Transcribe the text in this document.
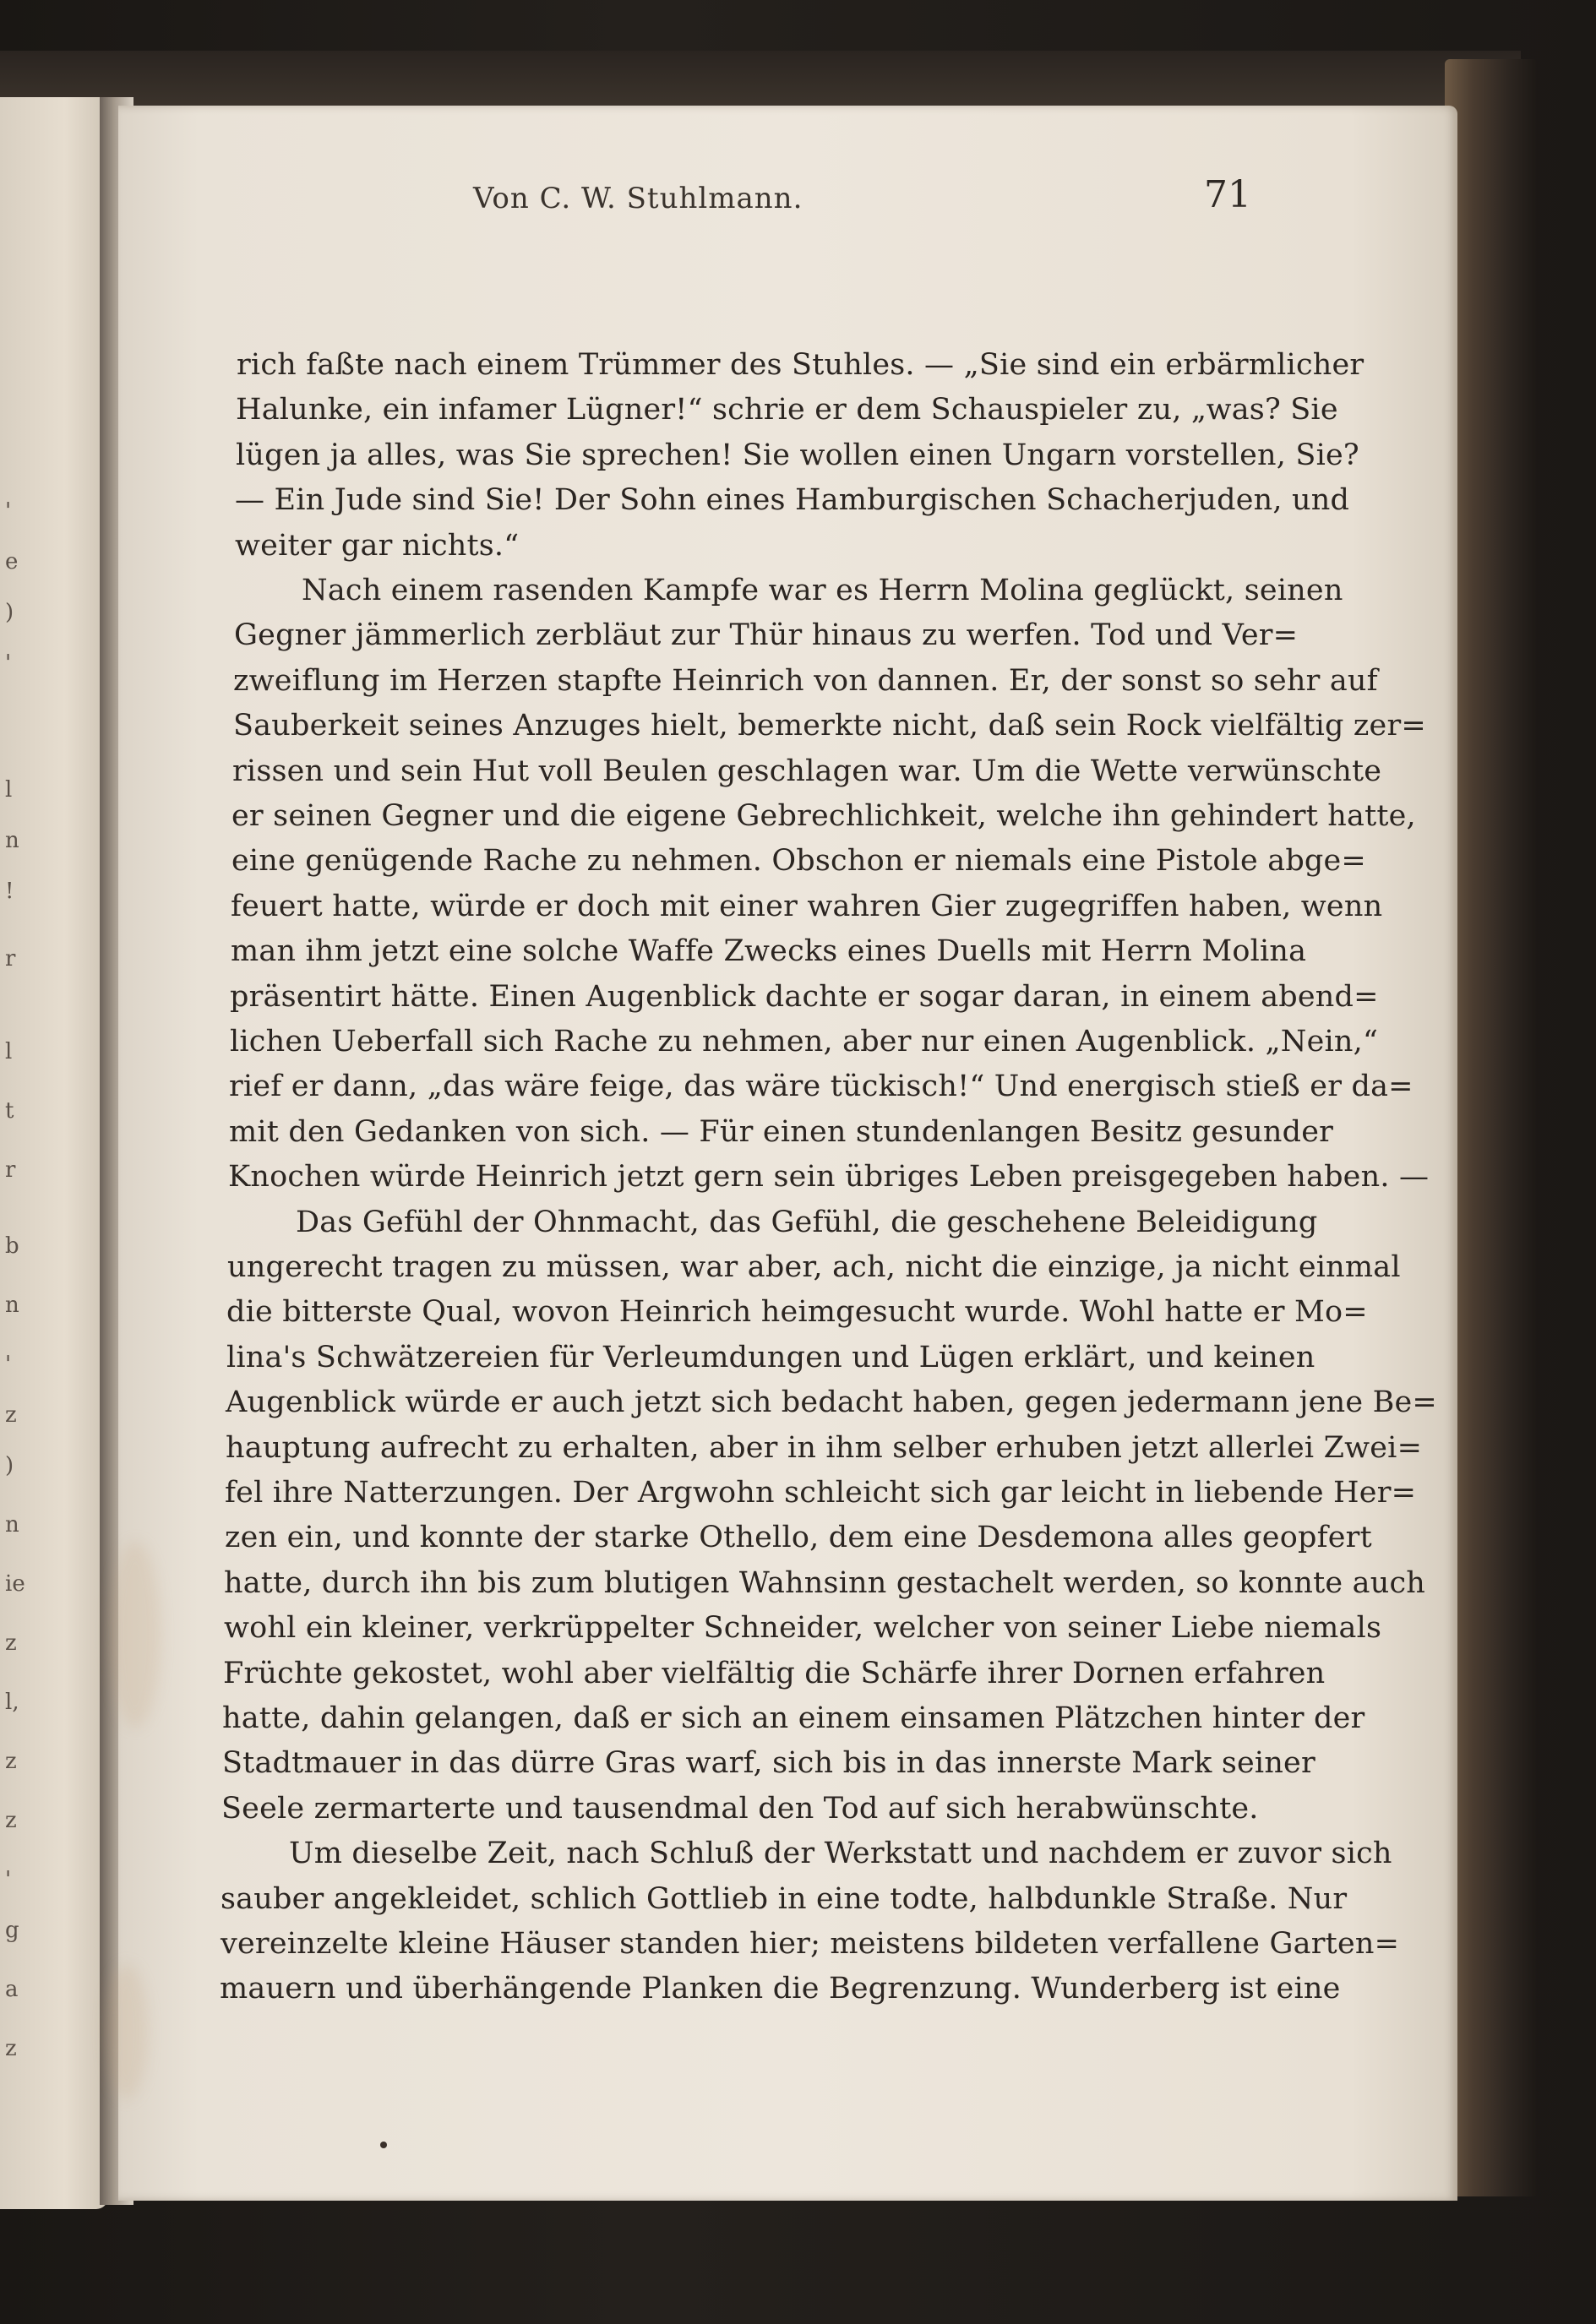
'
e
)
'
l
n
!
r
l
t
r
b
n
'
z
)
n
ie
z
l,
z
z
'
g
a
z
Von C. W. Stuhlmann.	71
rich faßte nach einem Trümmer des Stuhles. — „Sie sind ein erbärmlicher
Halunke, ein infamer Lügner!“ schrie er dem Schauspieler zu, „was? Sie
lügen ja alles, was Sie sprechen! Sie wollen einen Ungarn vorstellen, Sie?
— Ein Jude sind Sie! Der Sohn eines Hamburgischen Schacherjuden, und
weiter gar nichts.“
Nach einem rasenden Kampfe war es Herrn Molina geglückt, seinen
Gegner jämmerlich zerbläut zur Thür hinaus zu werfen. Tod und Ver=
zweiflung im Herzen stapfte Heinrich von dannen. Er, der sonst so sehr auf
Sauberkeit seines Anzuges hielt, bemerkte nicht, daß sein Rock vielfältig zer=
rissen und sein Hut voll Beulen geschlagen war. Um die Wette verwünschte
er seinen Gegner und die eigene Gebrechlichkeit, welche ihn gehindert hatte,
eine genügende Rache zu nehmen. Obschon er niemals eine Pistole abge=
feuert hatte, würde er doch mit einer wahren Gier zugegriffen haben, wenn
man ihm jetzt eine solche Waffe Zwecks eines Duells mit Herrn Molina
präsentirt hätte. Einen Augenblick dachte er sogar daran, in einem abend=
lichen Ueberfall sich Rache zu nehmen, aber nur einen Augenblick. „Nein,“
rief er dann, „das wäre feige, das wäre tückisch!“ Und energisch stieß er da=
mit den Gedanken von sich. — Für einen stundenlangen Besitz gesunder
Knochen würde Heinrich jetzt gern sein übriges Leben preisgegeben haben. —
Das Gefühl der Ohnmacht, das Gefühl, die geschehene Beleidigung
ungerecht tragen zu müssen, war aber, ach, nicht die einzige, ja nicht einmal
die bitterste Qual, wovon Heinrich heimgesucht wurde. Wohl hatte er Mo=
lina's Schwätzereien für Verleumdungen und Lügen erklärt, und keinen
Augenblick würde er auch jetzt sich bedacht haben, gegen jedermann jene Be=
hauptung aufrecht zu erhalten, aber in ihm selber erhuben jetzt allerlei Zwei=
fel ihre Natterzungen. Der Argwohn schleicht sich gar leicht in liebende Her=
zen ein, und konnte der starke Othello, dem eine Desdemona alles geopfert
hatte, durch ihn bis zum blutigen Wahnsinn gestachelt werden, so konnte auch
wohl ein kleiner, verkrüppelter Schneider, welcher von seiner Liebe niemals
Früchte gekostet, wohl aber vielfältig die Schärfe ihrer Dornen erfahren
hatte, dahin gelangen, daß er sich an einem einsamen Plätzchen hinter der
Stadtmauer in das dürre Gras warf, sich bis in das innerste Mark seiner
Seele zermarterte und tausendmal den Tod auf sich herabwünschte.
Um dieselbe Zeit, nach Schluß der Werkstatt und nachdem er zuvor sich
sauber angekleidet, schlich Gottlieb in eine todte, halbdunkle Straße. Nur
vereinzelte kleine Häuser standen hier; meistens bildeten verfallene Garten=
mauern und überhängende Planken die Begrenzung. Wunderberg ist eine
